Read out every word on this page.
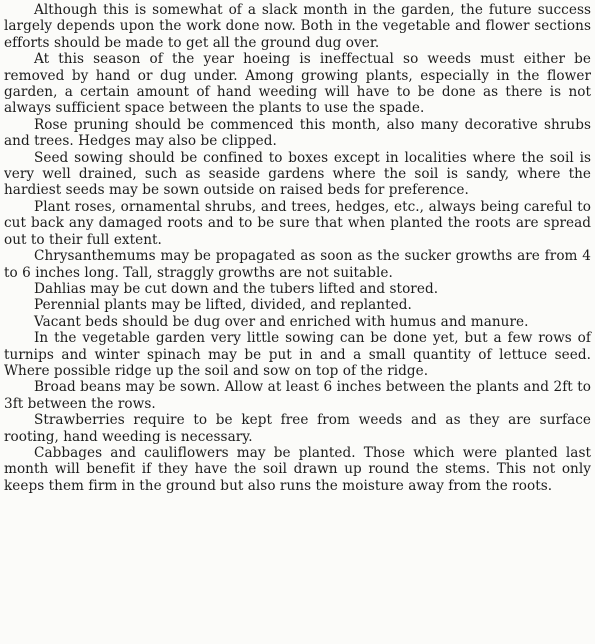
Although this is somewhat of a slack month in the garden, the future success largely depends upon the work done now. Both in the vegetable and flower sections efforts should be made to get all the ground dug over.

At this season of the year hoeing is ineffectual so weeds must either be removed by hand or dug under. Among growing plants, especially in the flower garden, a certain amount of hand weeding will have to be done as there is not always sufficient space between the plants to use the spade.

Rose pruning should be commenced this month, also many decorative shrubs and trees. Hedges may also be clipped.

Seed sowing should be confined to boxes except in localities where the soil is very well drained, such as seaside gardens where the soil is sandy, where the hardiest seeds may be sown outside on raised beds for preference.

Plant roses, ornamental shrubs, and trees, hedges, etc., always being careful to cut back any damaged roots and to be sure that when planted the roots are spread out to their full extent.

Chrysanthemums may be propagated as soon as the sucker growths are from 4 to 6 inches long. Tall, straggly growths are not suitable.

Dahlias may be cut down and the tubers lifted and stored.

Perennial plants may be lifted, divided, and replanted.

Vacant beds should be dug over and enriched with humus and manure.

In the vegetable garden very little sowing can be done yet, but a few rows of turnips and winter spinach may be put in and a small quantity of lettuce seed. Where possible ridge up the soil and sow on top of the ridge.

Broad beans may be sown. Allow at least 6 inches between the plants and 2ft to 3ft between the rows.

Strawberries require to be kept free from weeds and as they are surface rooting, hand weeding is necessary.

Cabbages and cauliflowers may be planted. Those which were planted last month will benefit if they have the soil drawn up round the stems. This not only keeps them firm in the ground but also runs the moisture away from the roots.
